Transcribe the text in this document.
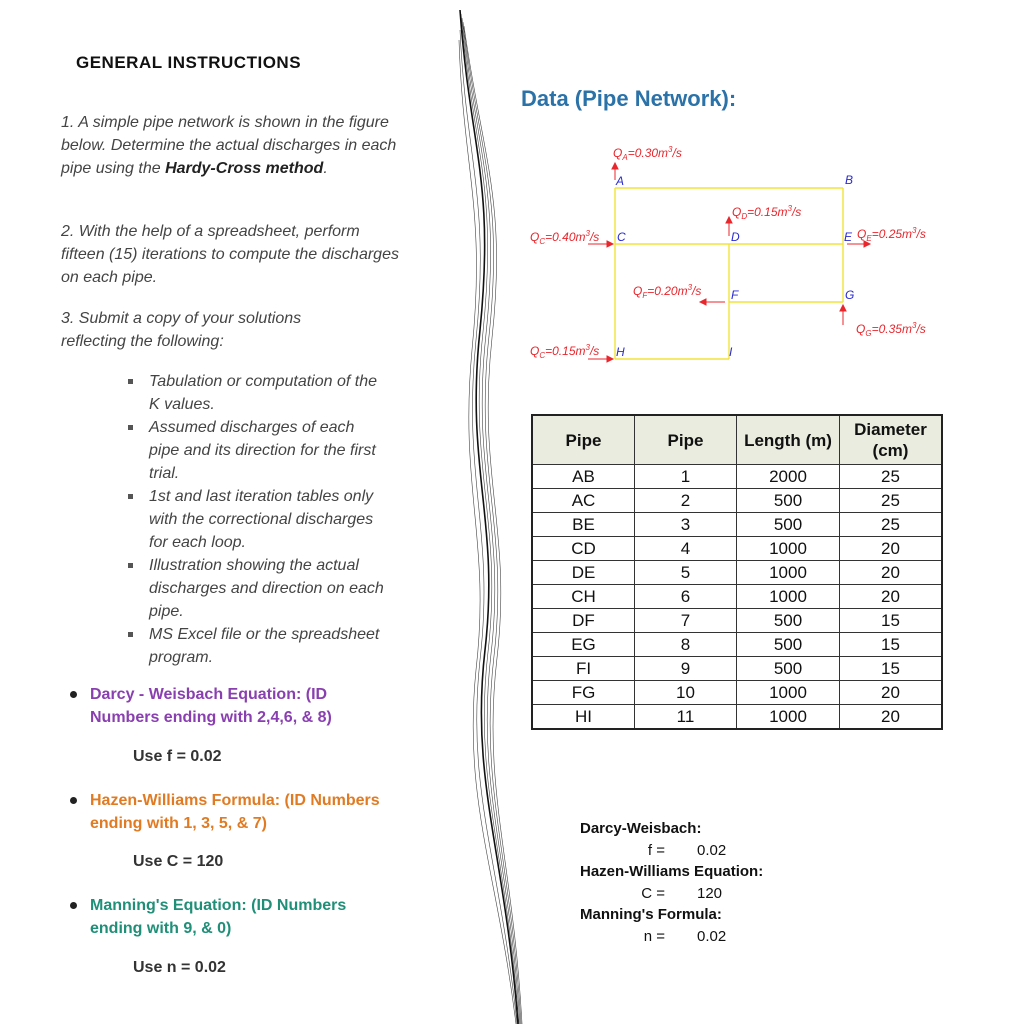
GENERAL INSTRUCTIONS
1. A simple pipe network is shown in the figure below. Determine the actual discharges in each pipe using the Hardy-Cross method.
2. With the help of a spreadsheet, perform fifteen (15) iterations to compute the discharges on each pipe.
3. Submit a copy of your solutions reflecting the following:
Tabulation or computation of the K values.
Assumed discharges of each pipe and its direction for the first trial.
1st and last iteration tables only with the correctional discharges for each loop.
Illustration showing the actual discharges and direction on each pipe.
MS Excel file or the spreadsheet program.
Darcy - Weisbach Equation: (ID Numbers ending with 2,4,6, & 8)
Use f = 0.02
Hazen-Williams Formula: (ID Numbers ending with 1, 3, 5, & 7)
Use C = 120
Manning's Equation: (ID Numbers ending with 9, & 0)
Use n = 0.02
Data (Pipe Network):
A	B
C	D	E
F	G
H	I
$Q_A=0.30m^3/s$
$Q_C=0.40m^3/s$
$Q_D=0.15m^3/s$
$Q_E=0.25m^3/s$
$Q_F=0.20m^3/s$
$Q_G=0.35m^3/s$
$Q_C=0.15m^3/s$
Pipe	Pipe	Length (m)	Diameter (cm)
AB	1	2000	25
AC	2	500	25
BE	3	500	25
CD	4	1000	20
DE	5	1000	20
CH	6	1000	20
DF	7	500	15
EG	8	500	15
FI	9	500	15
FG	10	1000	20
HI	11	1000	20
Darcy-Weisbach:
f = 0.02
Hazen-Williams Equation:
C = 120
Manning's Formula:
n = 0.02
